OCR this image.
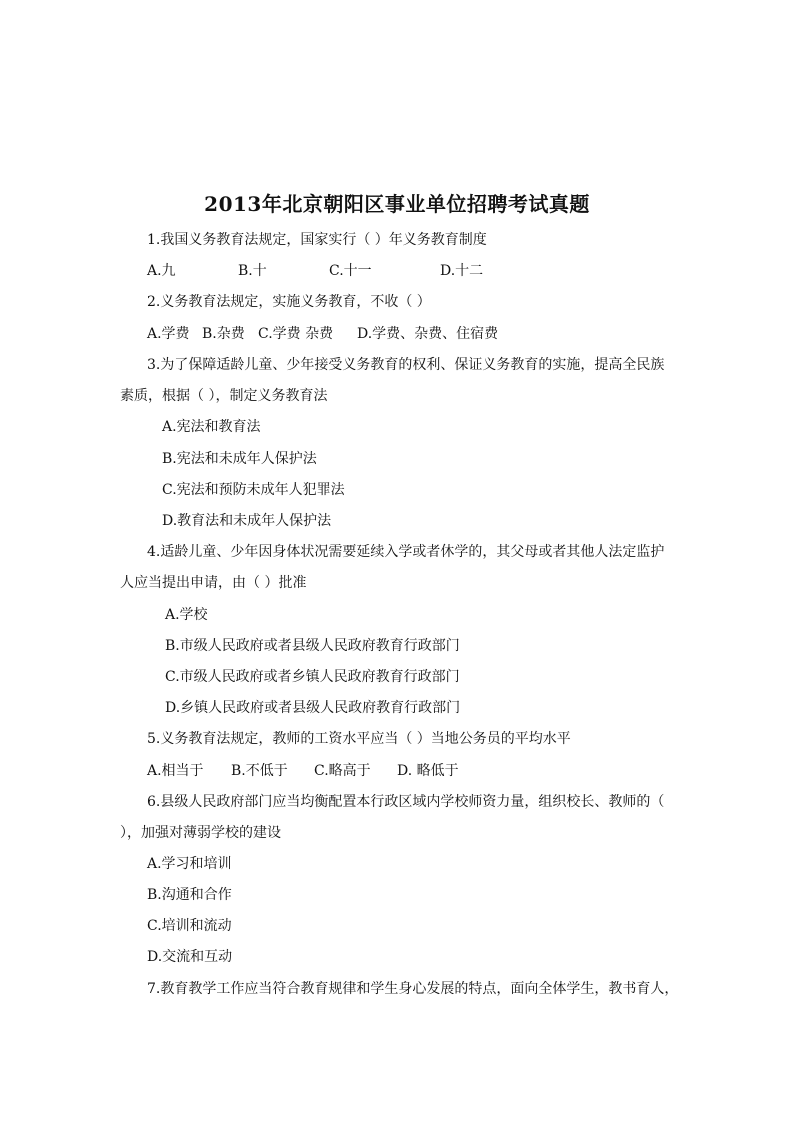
2013年北京朝阳区事业单位招聘考试真题
1.我国义务教育法规定，国家实行（ ）年义务教育制度
A.九	B.十	C.十一	D.十二
2.义务教育法规定，实施义务教育，不收（ ）
A.学费 B.杂费 C.学费 杂费 D.学费、杂费、住宿费
3.为了保障适龄儿童、少年接受义务教育的权利、保证义务教育的实施，提高全民族
素质，根据（ ），制定义务教育法
A.宪法和教育法
B.宪法和未成年人保护法
C.宪法和预防未成年人犯罪法
D.教育法和未成年人保护法
4.适龄儿童、少年因身体状况需要延续入学或者休学的，其父母或者其他人法定监护
人应当提出申请，由（ ）批准
A.学校
B.市级人民政府或者县级人民政府教育行政部门
C.市级人民政府或者乡镇人民政府教育行政部门
D.乡镇人民政府或者县级人民政府教育行政部门
5.义务教育法规定，教师的工资水平应当（ ）当地公务员的平均水平
A.相当于 B.不低于 C.略高于 D. 略低于
6.县级人民政府部门应当均衡配置本行政区域内学校师资力量，组织校长、教师的（
），加强对薄弱学校的建设
A.学习和培训
B.沟通和合作
C.培训和流动
D.交流和互动
7.教育教学工作应当符合教育规律和学生身心发展的特点，面向全体学生，教书育人，
